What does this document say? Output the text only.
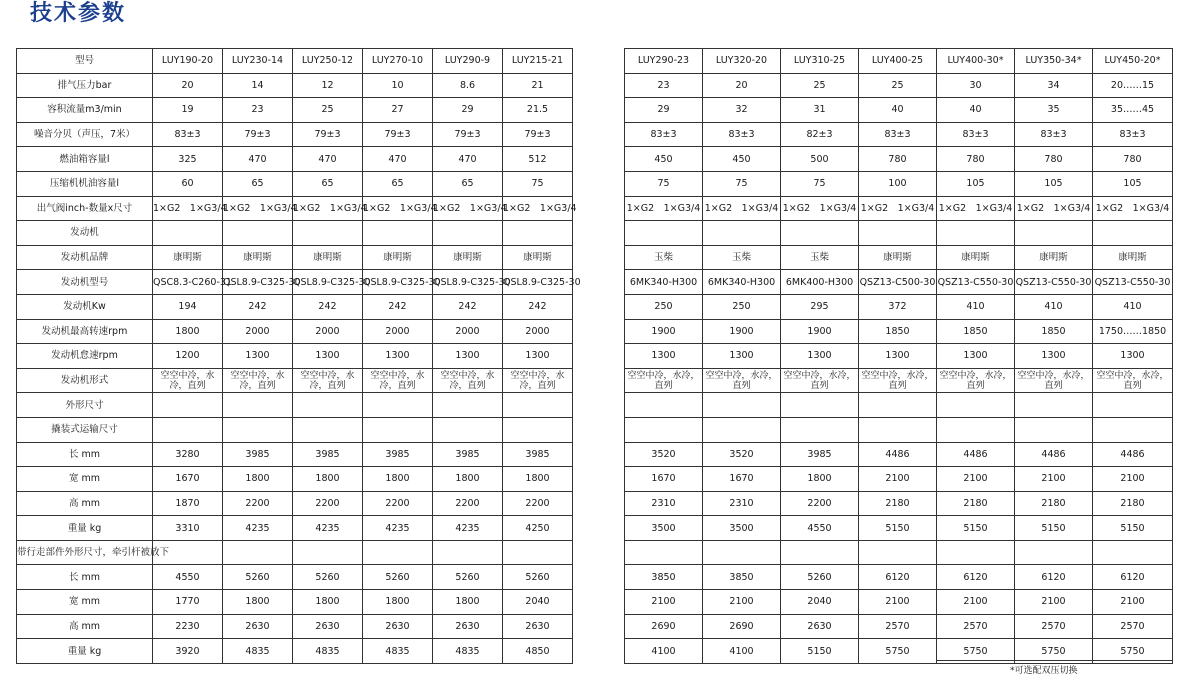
技术参数
型号	LUY190-20	LUY230-14	LUY250-12	LUY270-10	LUY290-9	LUY215-21		LUY290-23	LUY320-20	LUY310-25	LUY400-25	LUY400-30*	LUY350-34*	LUY450-20*
排气压力bar	20	14	12	10	8.6	21		23	20	25	25	30	34	20……15
容积流量m3/min	19	23	25	27	29	21.5		29	32	31	40	40	35	35……45
噪音分贝（声压，7米）	83±3	79±3	79±3	79±3	79±3	79±3		83±3	83±3	82±3	83±3	83±3	83±3	83±3
燃油箱容量l	325	470	470	470	470	512		450	450	500	780	780	780	780
压缩机机油容量l	60	65	65	65	65	75		75	75	75	100	105	105	105
出气阀inch-数量x尺寸	1×G2　1×G3/4	1×G2　1×G3/4	1×G2　1×G3/4	1×G2　1×G3/4	1×G2　1×G3/4	1×G2　1×G3/4		1×G2　1×G3/4	1×G2　1×G3/4	1×G2　1×G3/4	1×G2　1×G3/4	1×G2　1×G3/4	1×G2　1×G3/4	1×G2　1×G3/4
发动机														
发动机品牌	康明斯	康明斯	康明斯	康明斯	康明斯	康明斯		玉柴	玉柴	玉柴	康明斯	康明斯	康明斯	康明斯
发动机型号	QSC8.3-C260-31	QSL8.9-C325-30	QSL8.9-C325-30	QSL8.9-C325-30	QSL8.9-C325-30	QSL8.9-C325-30		6MK340-H300	6MK340-H300	6MK400-H300	QSZ13-C500-30	QSZ13-C550-30	QSZ13-C550-30	QSZ13-C550-30
发动机Kw	194	242	242	242	242	242		250	250	295	372	410	410	410
发动机最高转速rpm	1800	2000	2000	2000	2000	2000		1900	1900	1900	1850	1850	1850	1750……1850
发动机怠速rpm	1200	1300	1300	1300	1300	1300		1300	1300	1300	1300	1300	1300	1300
发动机形式	空空中冷，水冷，直列	空空中冷，水冷，直列	空空中冷，水冷，直列	空空中冷，水冷，直列	空空中冷，水冷，直列	空空中冷，水冷，直列		空空中冷，水冷，直列	空空中冷，水冷，直列	空空中冷，水冷，直列	空空中冷，水冷，直列	空空中冷，水冷，直列	空空中冷，水冷，直列	空空中冷，水冷，直列
外形尺寸														
撬装式运输尺寸														
长 mm	3280	3985	3985	3985	3985	3985		3520	3520	3985	4486	4486	4486	4486
宽 mm	1670	1800	1800	1800	1800	1800		1670	1670	1800	2100	2100	2100	2100
高 mm	1870	2200	2200	2200	2200	2200		2310	2310	2200	2180	2180	2180	2180
重量 kg	3310	4235	4235	4235	4235	4250		3500	3500	4550	5150	5150	5150	5150
带行走部件外形尺寸，牵引杆被放下														
长 mm	4550	5260	5260	5260	5260	5260		3850	3850	5260	6120	6120	6120	6120
宽 mm	1770	1800	1800	1800	1800	2040		2100	2100	2040	2100	2100	2100	2100
高 mm	2230	2630	2630	2630	2630	2630		2690	2690	2630	2570	2570	2570	2570
重量 kg	3920	4835	4835	4835	4835	4850		4100	4100	5150	5750	5750	5750	5750
*可选配双压切换
